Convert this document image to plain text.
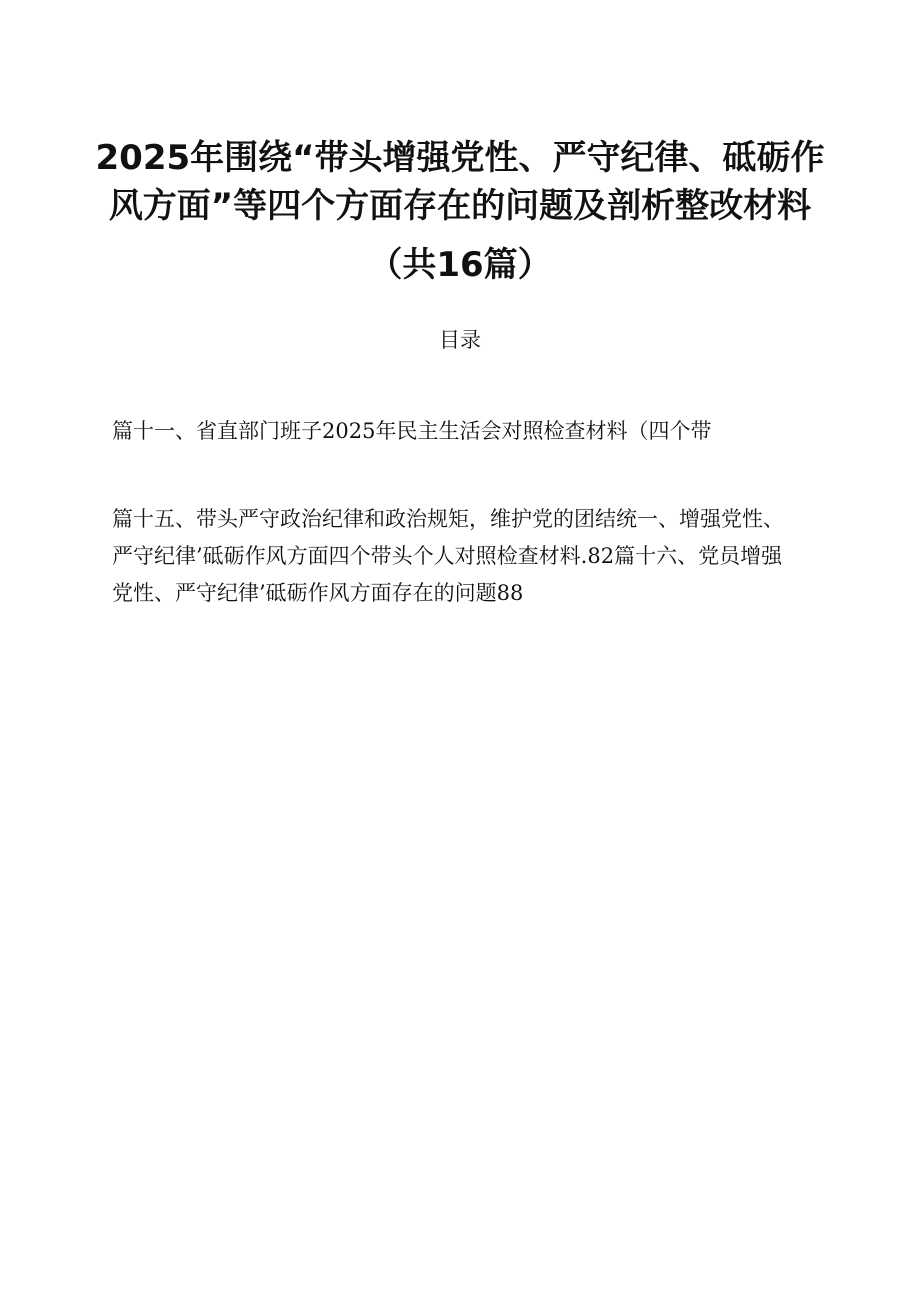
2025年围绕“带头增强党性、严守纪律、砥砺作
风方面”等四个方面存在的问题及剖析整改材料
（共16篇）
目录
篇十一、省直部门班子2025年民主生活会对照检查材料（四个带
篇十五、带头严守政治纪律和政治规矩，维护党的团结统一、增强党性、
严守纪律’砥砺作风方面四个带头个人对照检查材料.82篇十六、党员增强
党性、严守纪律’砥砺作风方面存在的问题88
